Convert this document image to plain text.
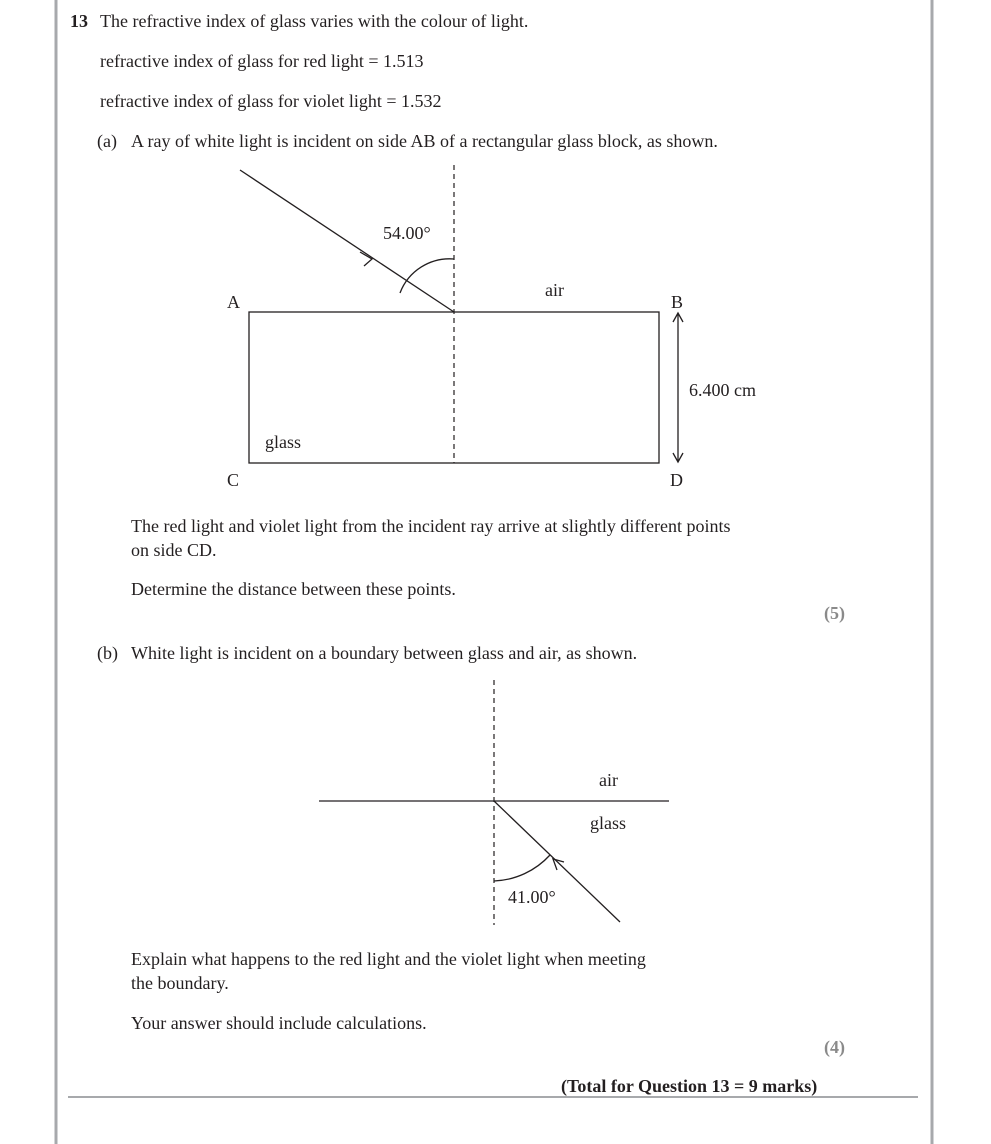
13 The refractive index of glass varies with the colour of light.
refractive index of glass for red light = 1.513
refractive index of glass for violet light = 1.532
(a) A ray of white light is incident on side AB of a rectangular glass block, as shown.
54.00°
air
A	B
C	D
glass
6.400 cm
The red light and violet light from the incident ray arrive at slightly different points
on side CD.
Determine the distance between these points.
(5)
(b) White light is incident on a boundary between glass and air, as shown.
air
glass
41.00°
Explain what happens to the red light and the violet light when meeting
the boundary.
Your answer should include calculations.
(4)
(Total for Question 13 = 9 marks)
